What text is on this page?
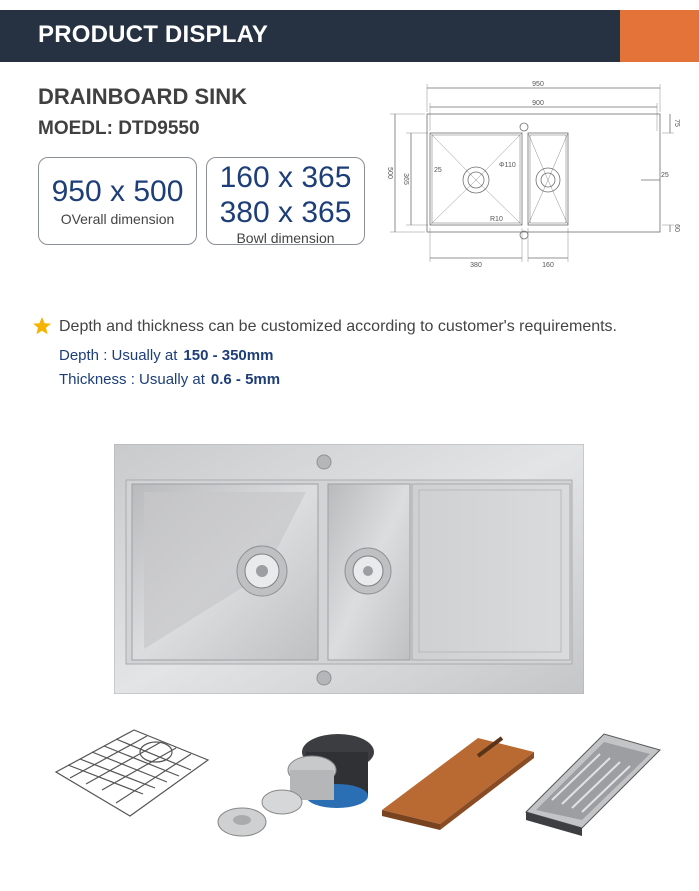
PRODUCT DISPLAY
DRAINBOARD SINK
MOEDL: DTD9550
950 x 500
OVerall dimension
160 x 365
380 x 365
Bowl dimension
950
900
500
365
75
60
25
25
Φ110
R10
380	160
Depth and thickness can be customized according to customer's requirements.
Depth : Usually at 150 - 350mm
Thickness : Usually at 0.6 - 5mm
